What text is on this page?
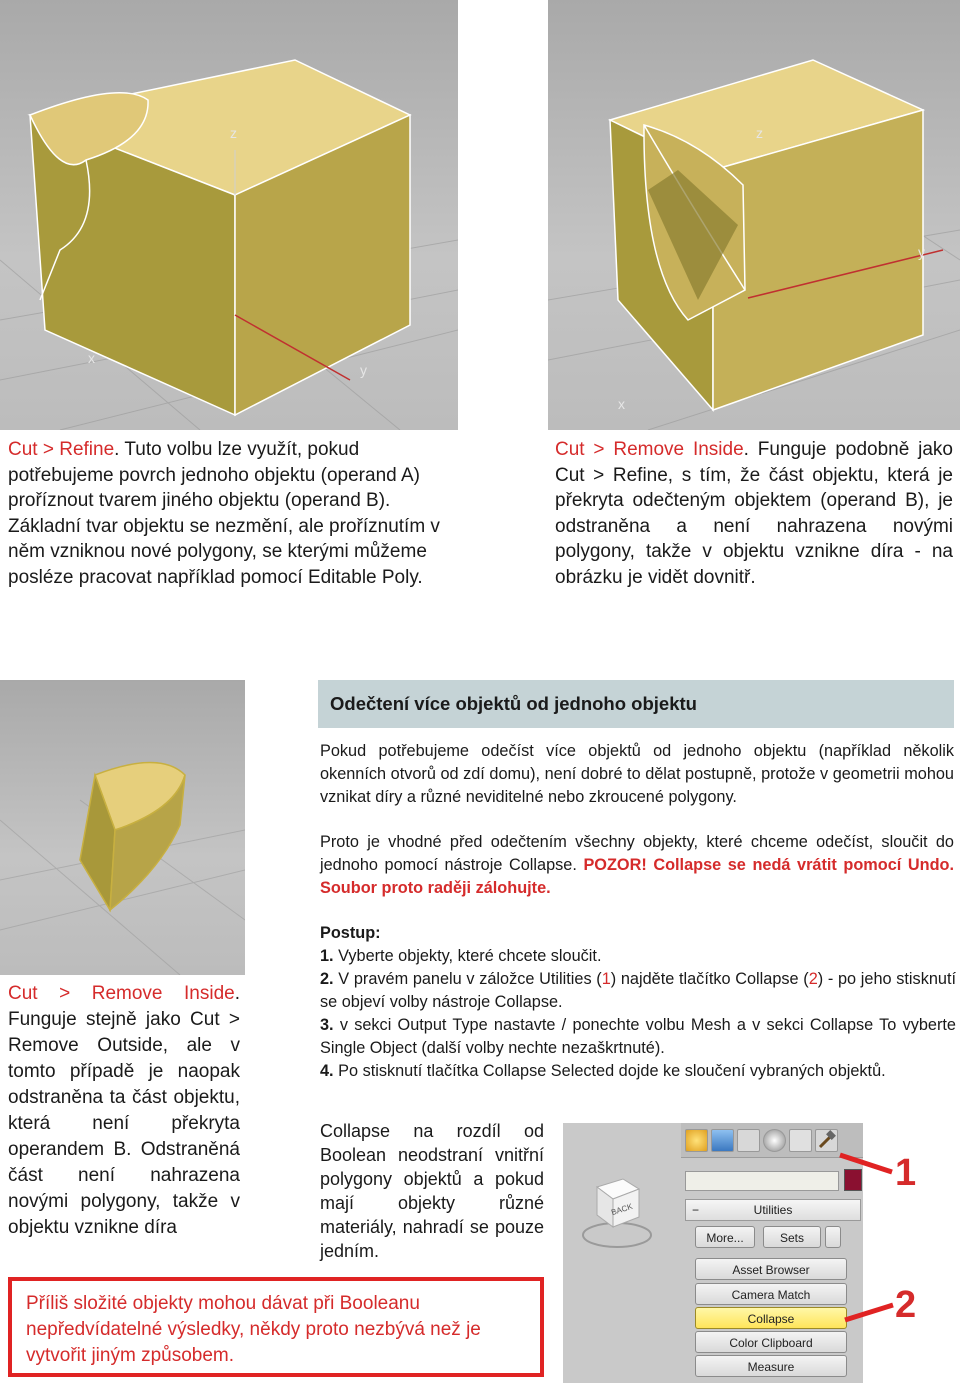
z
x
y
z
x
y
Cut > Refine. Tuto volbu lze využít, pokud potřebujeme povrch jednoho objektu (operand A) proříznout tvarem jiného objektu (operand B). Základní tvar objektu se nezmění, ale proříznutím v něm vzniknou nové polygony, se kterými můžeme posléze pracovat například pomocí Editable Poly.
Cut > Remove Inside. Funguje podobně jako Cut > Refine, s tím, že část objektu, která je překryta odečteným objektem (operand B), je odstraněna a není nahrazena novými polygony, takže v objektu vznikne díra - na obrázku je vidět dovnitř.
Odečtení více objektů od jednoho objektu
Pokud potřebujeme odečíst více objektů od jednoho objektu (například několik okenních otvorů od zdí domu), není dobré to dělat postupně, protože v geometrii mohou vznikat díry a různé neviditelné nebo zkroucené polygony.
Proto je vhodné před odečtením všechny objekty, které chceme odečíst, sloučit do jednoho pomocí nástroje Collapse. POZOR! Collapse se nedá vrátit pomocí Undo. Soubor proto raději zálohujte.
Postup:
1. Vyberte objekty, které chcete sloučit.
2. V pravém panelu v záložce Utilities (1) najděte tlačítko Collapse (2) - po jeho stisknutí se objeví volby nástroje Collapse.
3. v sekci Output Type nastavte / ponechte volbu Mesh a v sekci Collapse To vyberte Single Object (další volby nechte nezaškrtnuté).
4. Po stisknutí tlačítka Collapse Selected dojde ke sloučení vybraných objektů.
Collapse na rozdíl od Boolean neodstraní vnitřní polygony objektů a pokud mají objekty různé materiály, nahradí se pouze jedním.
Cut > Remove Inside. Funguje stejně jako Cut > Remove Outside, ale v tomto případě je naopak odstraněna ta část objektu, která není překryta operandem B. Odstraněná část není nahrazena novými polygony, takže v objektu vznikne díra
Příliš složité objekty mohou dávat při Booleanu nepředvídatelné výsledky, někdy proto nezbývá než je vytvořit jiným způsobem.
BACK	−	Utilities
More...	Sets
Asset Browser
Camera Match
Collapse
Color Clipboard
Measure
1
2
